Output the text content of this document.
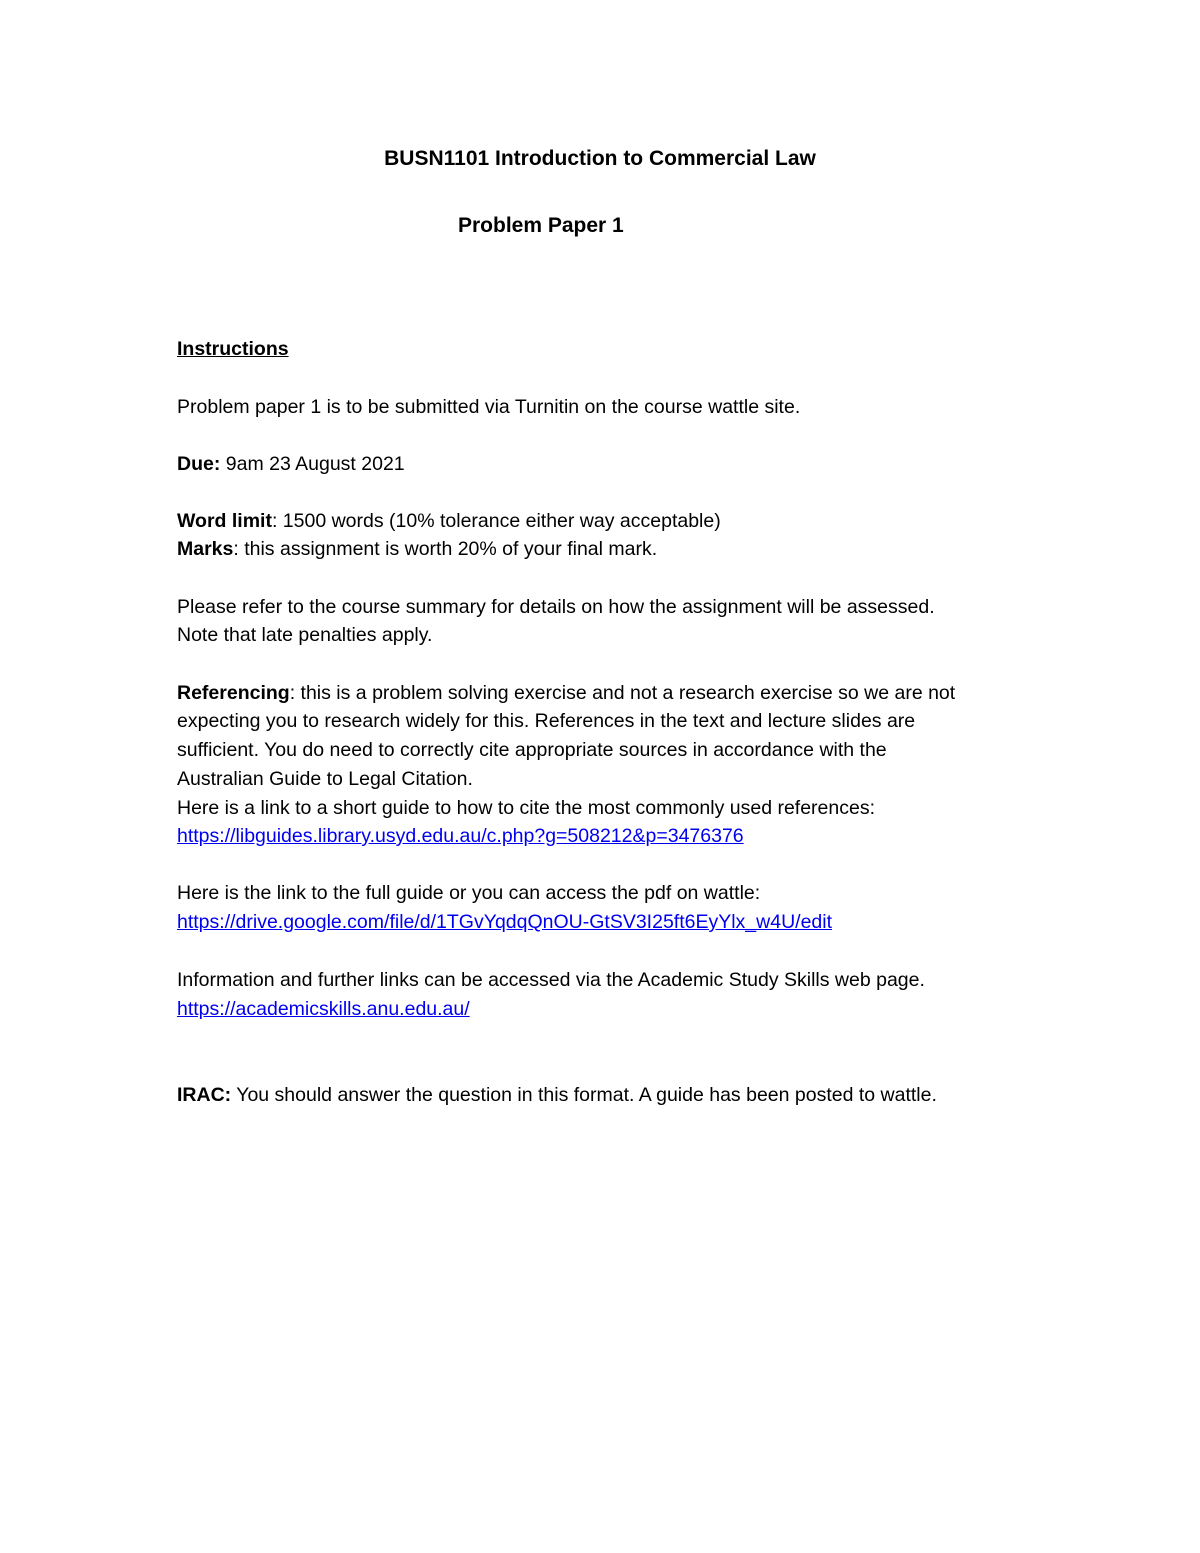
BUSN1101 Introduction to Commercial Law
Problem Paper 1
Instructions
Problem paper 1 is to be submitted via Turnitin on the course wattle site.
Due: 9am 23 August 2021
Word limit: 1500 words (10% tolerance either way acceptable)
Marks: this assignment is worth 20% of your final mark.
Please refer to the course summary for details on how the assignment will be assessed.
Note that late penalties apply.
Referencing: this is a problem solving exercise and not a research exercise so we are not
expecting you to research widely for this. References in the text and lecture slides are
sufficient. You do need to correctly cite appropriate sources in accordance with the
Australian Guide to Legal Citation.
Here is a link to a short guide to how to cite the most commonly used references:
https://libguides.library.usyd.edu.au/c.php?g=508212&p=3476376
Here is the link to the full guide or you can access the pdf on wattle:
https://drive.google.com/file/d/1TGvYqdqQnOU-GtSV3I25ft6EyYlx_w4U/edit
Information and further links can be accessed via the Academic Study Skills web page.
https://academicskills.anu.edu.au/
IRAC: You should answer the question in this format. A guide has been posted to wattle.
